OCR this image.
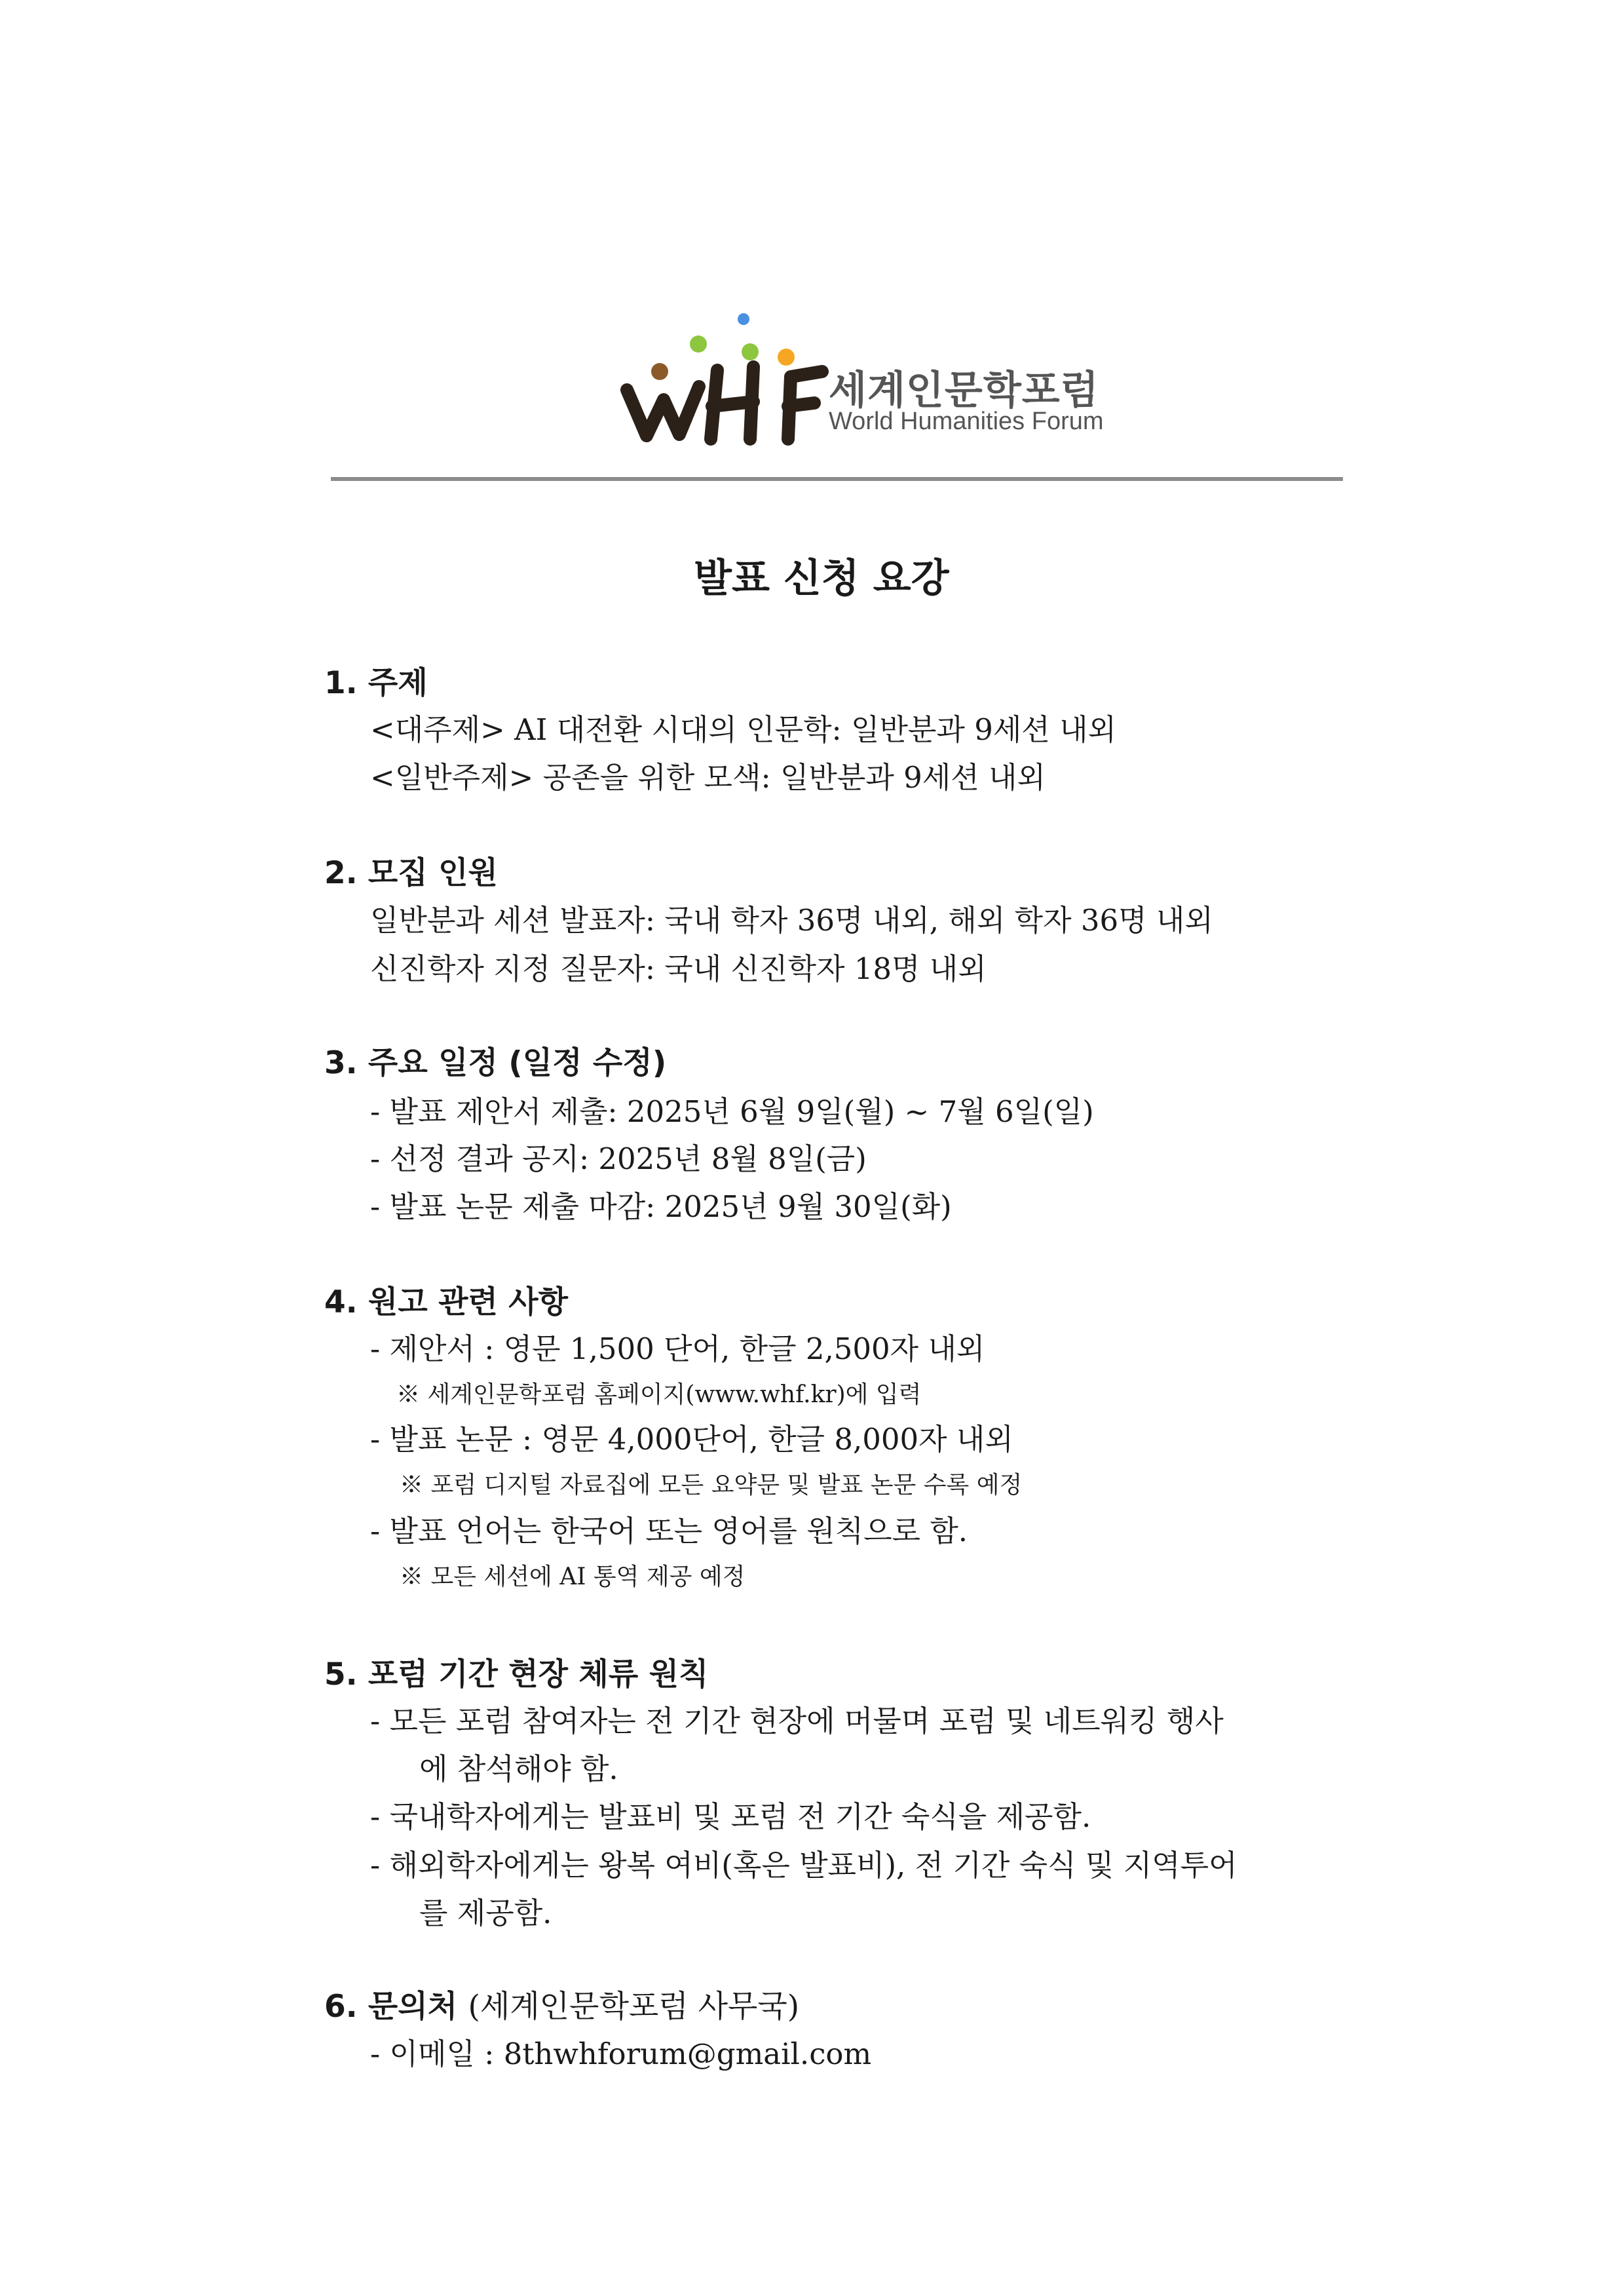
세계인문학포럼
World Humanities Forum
발표 신청 요강
1. 주제
<대주제> AI 대전환 시대의 인문학: 일반분과 9세션 내외
<일반주제> 공존을 위한 모색: 일반분과 9세션 내외
2. 모집 인원
일반분과 세션 발표자: 국내 학자 36명 내외, 해외 학자 36명 내외
신진학자 지정 질문자: 국내 신진학자 18명 내외
3. 주요 일정 (일정 수정)
- 발표 제안서 제출: 2025년 6월 9일(월) ~ 7월 6일(일)
- 선정 결과 공지: 2025년 8월 8일(금)
- 발표 논문 제출 마감: 2025년 9월 30일(화)
4. 원고 관련 사항
- 제안서 : 영문 1,500 단어, 한글 2,500자 내외
※ 세계인문학포럼 홈페이지(www.whf.kr)에 입력
- 발표 논문 : 영문 4,000단어, 한글 8,000자 내외
※ 포럼 디지털 자료집에 모든 요약문 및 발표 논문 수록 예정
- 발표 언어는 한국어 또는 영어를 원칙으로 함.
※ 모든 세션에 AI 통역 제공 예정
5. 포럼 기간 현장 체류 원칙
- 모든 포럼 참여자는 전 기간 현장에 머물며 포럼 및 네트워킹 행사
에 참석해야 함.
- 국내학자에게는 발표비 및 포럼 전 기간 숙식을 제공함.
- 해외학자에게는 왕복 여비(혹은 발표비), 전 기간 숙식 및 지역투어
를 제공함.
6. 문의처 (세계인문학포럼 사무국)
- 이메일 : 8thwhforum@gmail.com
